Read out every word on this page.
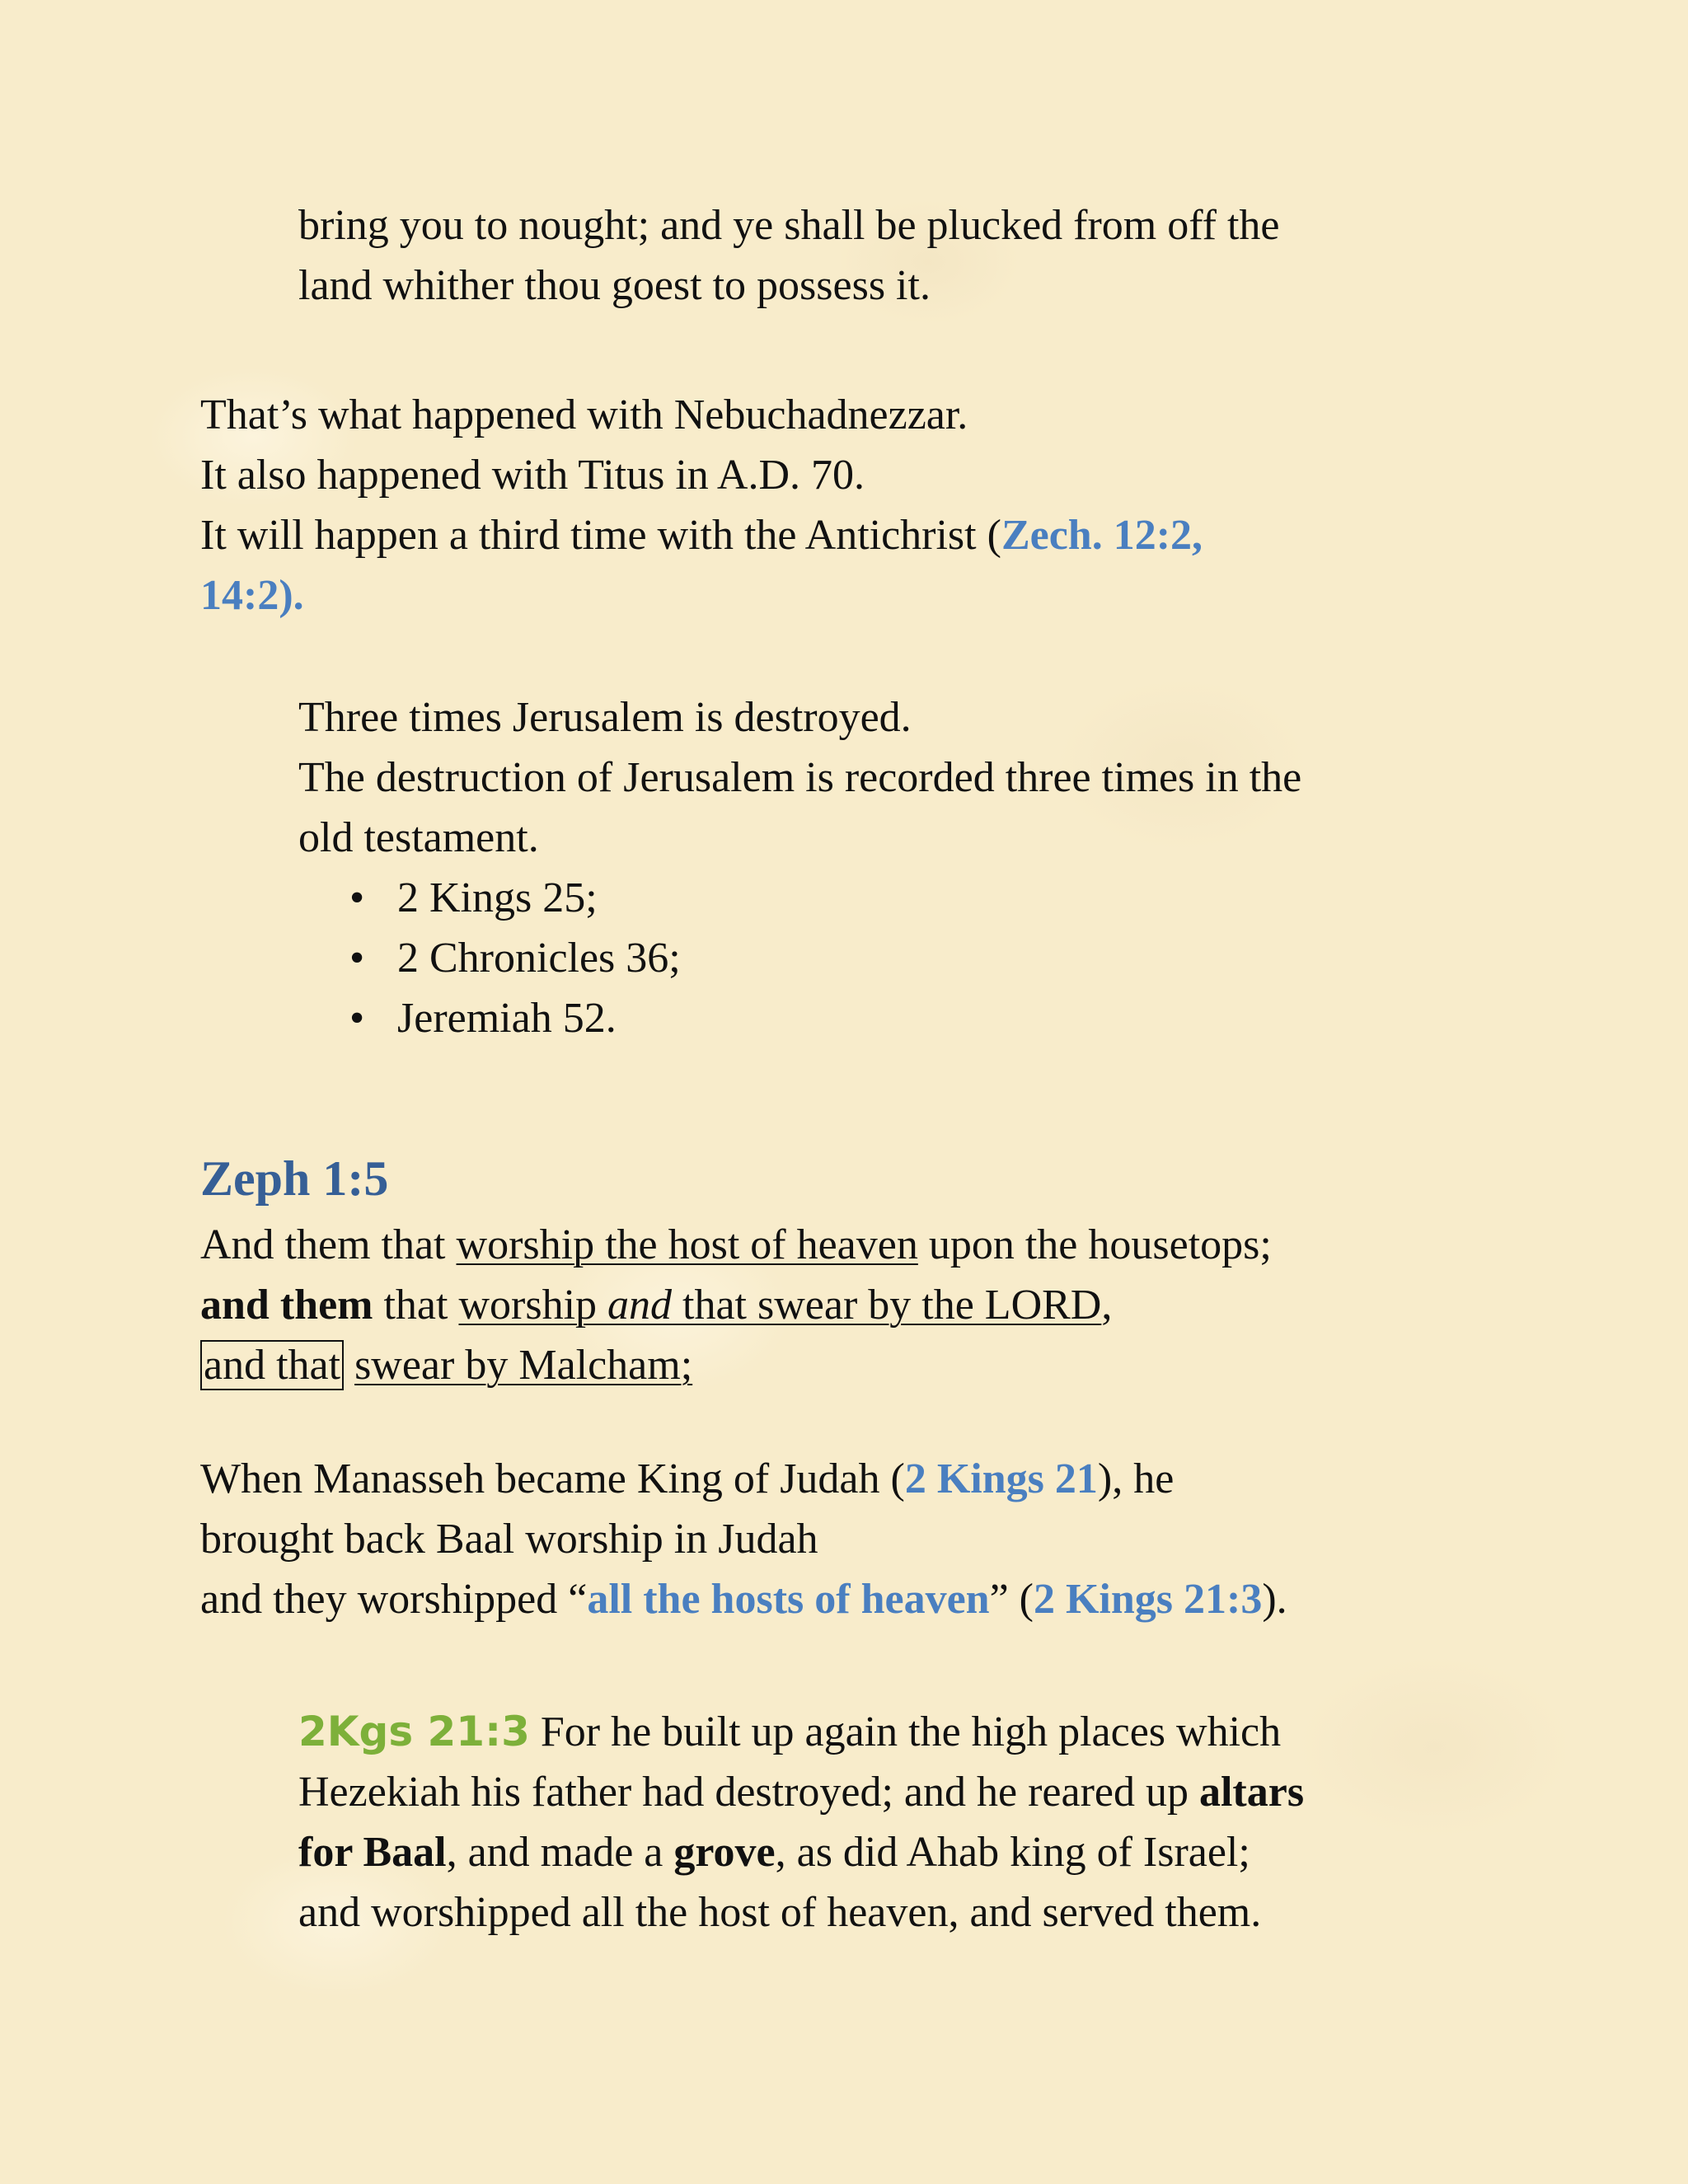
bring you to nought; and ye shall be plucked from off the
land whither thou goest to possess it.
That’s what happened with Nebuchadnezzar.
It also happened with Titus in A.D. 70.
It will happen a third time with the Antichrist (Zech. 12:2,
14:2).
Three times Jerusalem is destroyed.
The destruction of Jerusalem is recorded three times in the
old testament.
• 2 Kings 25;
• 2 Chronicles 36;
• Jeremiah 52.
Zeph 1:5
And them that worship the host of heaven upon the housetops;
and them that worship and that swear by the LORD,
and that swear by Malcham;
When Manasseh became King of Judah (2 Kings 21), he
brought back Baal worship in Judah
and they worshipped “all the hosts of heaven” (2 Kings 21:3).
2Kgs 21:3 For he built up again the high places which
Hezekiah his father had destroyed; and he reared up altars
for Baal, and made a grove, as did Ahab king of Israel;
and worshipped all the host of heaven, and served them.
